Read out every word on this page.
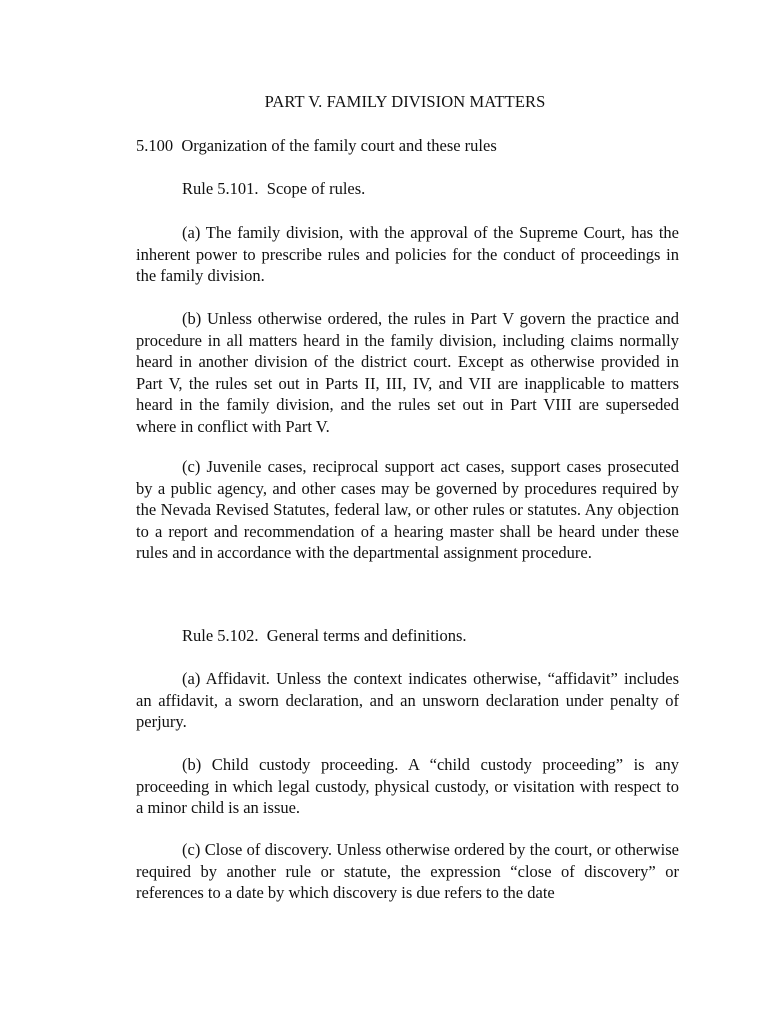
PART V. FAMILY DIVISION MATTERS
5.100  Organization of the family court and these rules
Rule 5.101.  Scope of rules.

(a) The family division, with the approval of the Supreme Court, has the inherent power to prescribe rules and policies for the conduct of proceedings in the family division.

(b) Unless otherwise ordered, the rules in Part V govern the practice and procedure in all matters heard in the family division, including claims normally heard in another division of the district court. Except as otherwise provided in Part V, the rules set out in Parts II, III, IV, and VII are inapplicable to matters heard in the family division, and the rules set out in Part VIII are superseded where in conflict with Part V.

(c) Juvenile cases, reciprocal support act cases, support cases prosecuted by a public agency, and other cases may be governed by procedures required by the Nevada Revised Statutes, federal law, or other rules or statutes. Any objection to a report and recommendation of a hearing master shall be heard under these rules and in accordance with the departmental assignment procedure.

Rule 5.102.  General terms and definitions.

(a) Affidavit. Unless the context indicates otherwise, “affidavit” includes an affidavit, a sworn declaration, and an unsworn declaration under penalty of perjury.

(b) Child custody proceeding. A “child custody proceeding” is any proceeding in which legal custody, physical custody, or visitation with respect to a minor child is an issue.

(c) Close of discovery. Unless otherwise ordered by the court, or otherwise required by another rule or statute, the expression “close of discovery” or references to a date by which discovery is due refers to the date
